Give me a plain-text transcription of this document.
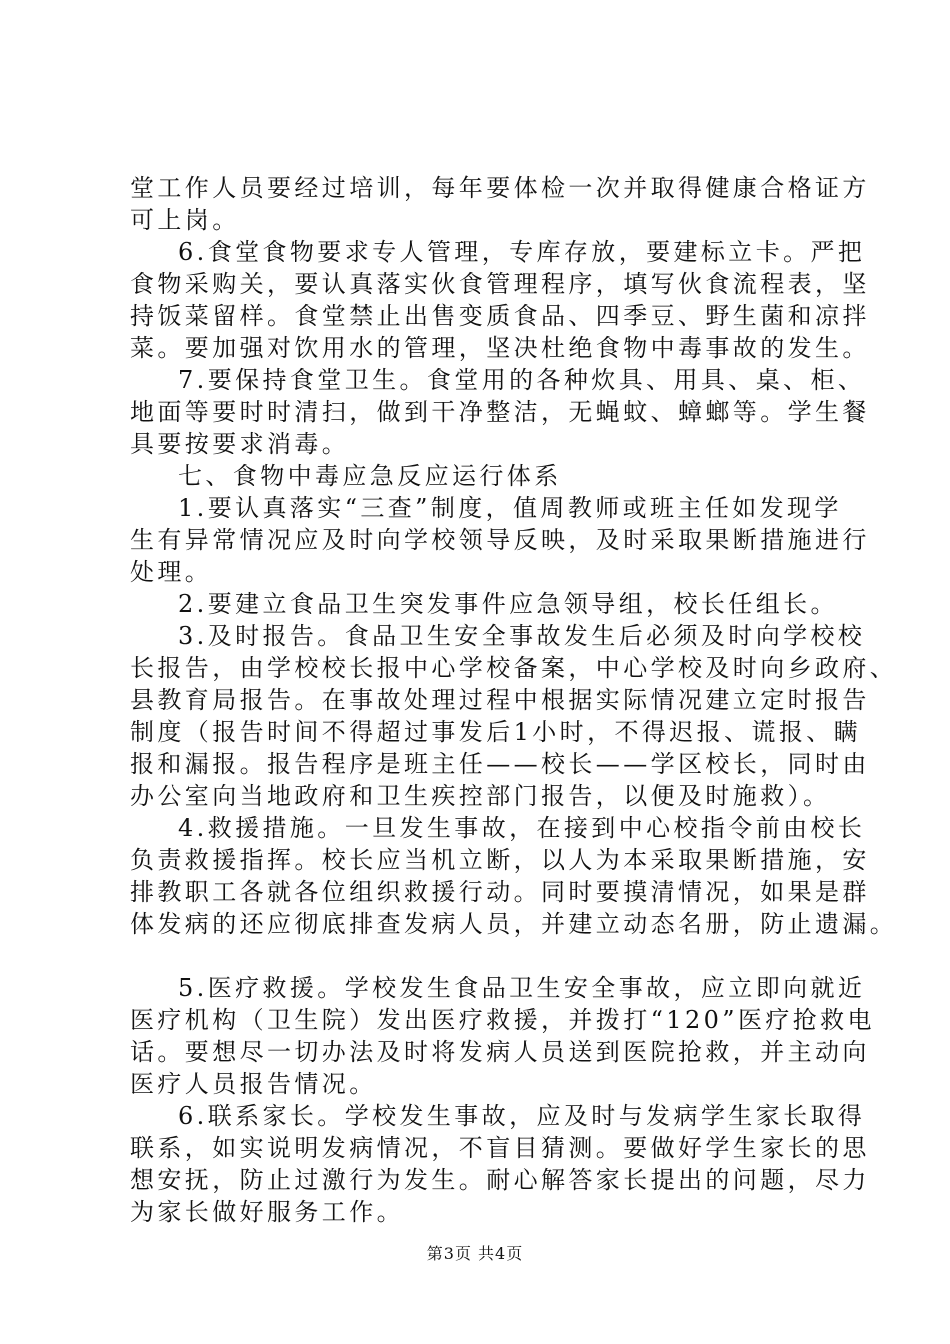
堂工作人员要经过培训，每年要体检一次并取得健康合格证方
可上岗。
6.食堂食物要求专人管理，专库存放，要建标立卡。严把
食物采购关，要认真落实伙食管理程序，填写伙食流程表，坚
持饭菜留样。食堂禁止出售变质食品、四季豆、野生菌和凉拌
菜。要加强对饮用水的管理，坚决杜绝食物中毒事故的发生。
7.要保持食堂卫生。食堂用的各种炊具、用具、桌、柜、
地面等要时时清扫，做到干净整洁，无蝇蚊、蟑螂等。学生餐
具要按要求消毒。
七、食物中毒应急反应运行体系
1.要认真落实“三查”制度，值周教师或班主任如发现学
生有异常情况应及时向学校领导反映，及时采取果断措施进行
处理。
2.要建立食品卫生突发事件应急领导组，校长任组长。
3.及时报告。食品卫生安全事故发生后必须及时向学校校
长报告，由学校校长报中心学校备案，中心学校及时向乡政府、
县教育局报告。在事故处理过程中根据实际情况建立定时报告
制度（报告时间不得超过事发后1小时，不得迟报、谎报、瞒
报和漏报。报告程序是班主任——校长——学区校长，同时由
办公室向当地政府和卫生疾控部门报告，以便及时施救）。
4.救援措施。一旦发生事故，在接到中心校指令前由校长
负责救援指挥。校长应当机立断，以人为本采取果断措施，安
排教职工各就各位组织救援行动。同时要摸清情况，如果是群
体发病的还应彻底排查发病人员，并建立动态名册，防止遗漏。
5.医疗救援。学校发生食品卫生安全事故，应立即向就近
医疗机构（卫生院）发出医疗救援，并拨打“120”医疗抢救电
话。要想尽一切办法及时将发病人员送到医院抢救，并主动向
医疗人员报告情况。
6.联系家长。学校发生事故，应及时与发病学生家长取得
联系，如实说明发病情况，不盲目猜测。要做好学生家长的思
想安抚，防止过激行为发生。耐心解答家长提出的问题，尽力
为家长做好服务工作。
第3页 共4页
